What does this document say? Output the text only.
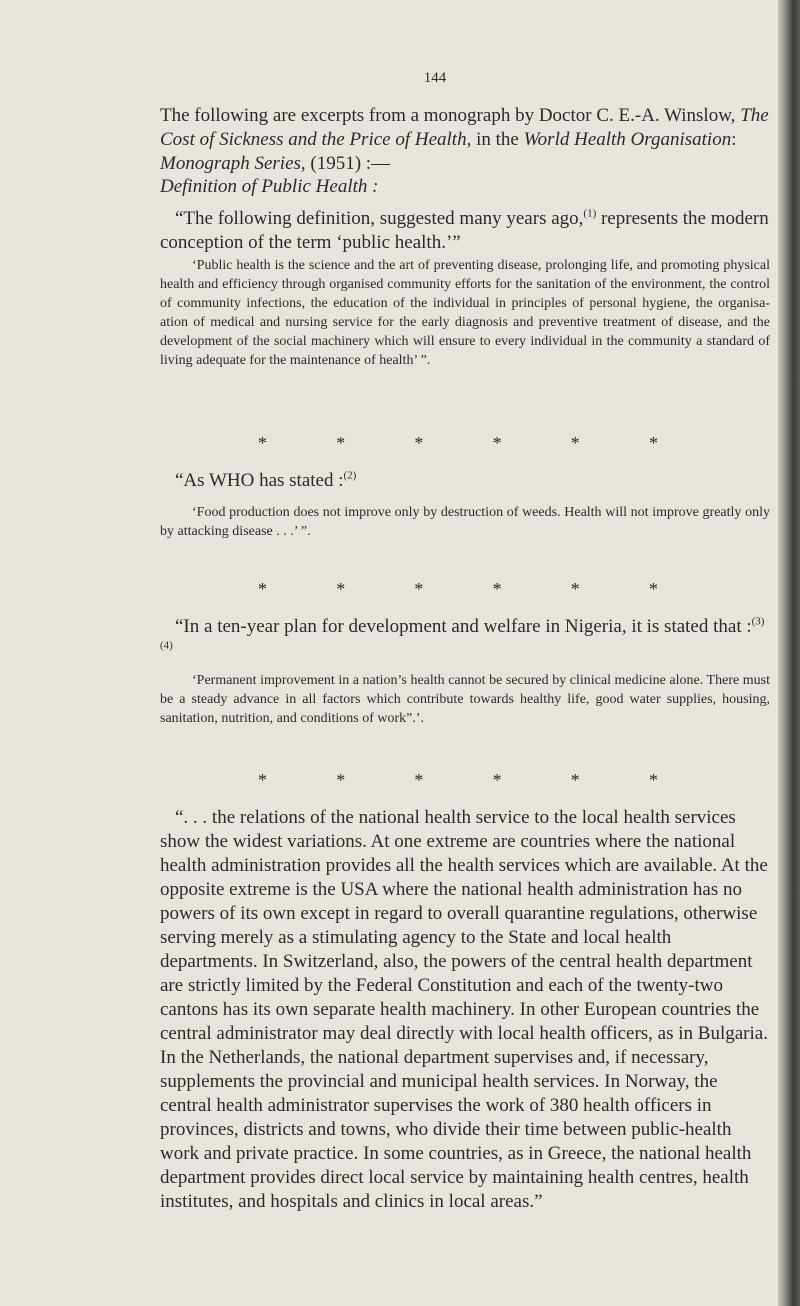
144

The following are excerpts from a monograph by Doctor C. E.-A. Winslow, The Cost of Sickness and the Price of Health, in the World Health Organisation: Monograph Series, (1951) :—

Definition of Public Health :

“The following definition, suggested many years ago,$^{(1)}$ represents the modern conception of the term ‘public health.’”

‘Public health is the science and the art of preventing disease, prolonging life, and promoting physical health and efficiency through organised community efforts for the sanitation of the environment, the control of community infections, the education of the individual in principles of personal hygiene, the organisa- ation of medical and nursing service for the early diagnosis and preventive treatment of disease, and the development of the social machinery which will ensure to every individual in the community a standard of living adequate for the maintenance of health’ ”.

*	*	*	*	*	*

“As WHO has stated :$^{(2)}$

‘Food production does not improve only by destruction of weeds. Health will not improve greatly only by attacking disease . . .’ ”.

*	*	*	*	*	*

“In a ten-year plan for development and welfare in Nigeria, it is stated that :$^{(3)}$ $^{(4)}$

‘Permanent improvement in a nation’s health cannot be secured by clinical medicine alone. There must be a steady advance in all factors which contribute towards healthy life, good water supplies, housing, sanitation, nutrition, and conditions of work”.’.

*	*	*	*	*	*

“. . . the relations of the national health service to the local health services show the widest variations. At one extreme are countries where the national health administration provides all the health services which are available. At the opposite extreme is the USA where the national health administration has no powers of its own except in regard to overall quarantine regulations, otherwise serving merely as a stimulating agency to the State and local health departments. In Switzerland, also, the powers of the central health department are strictly limited by the Federal Constitution and each of the twenty-two cantons has its own separate health machinery. In other European countries the central administrator may deal directly with local health officers, as in Bulgaria. In the Netherlands, the national department supervises and, if necessary, supplements the provincial and municipal health services. In Norway, the central health administrator supervises the work of 380 health officers in provinces, districts and towns, who divide their time between public-health work and private practice. In some countries, as in Greece, the national health department provides direct local service by maintaining health centres, health institutes, and hospitals and clinics in local areas.”
